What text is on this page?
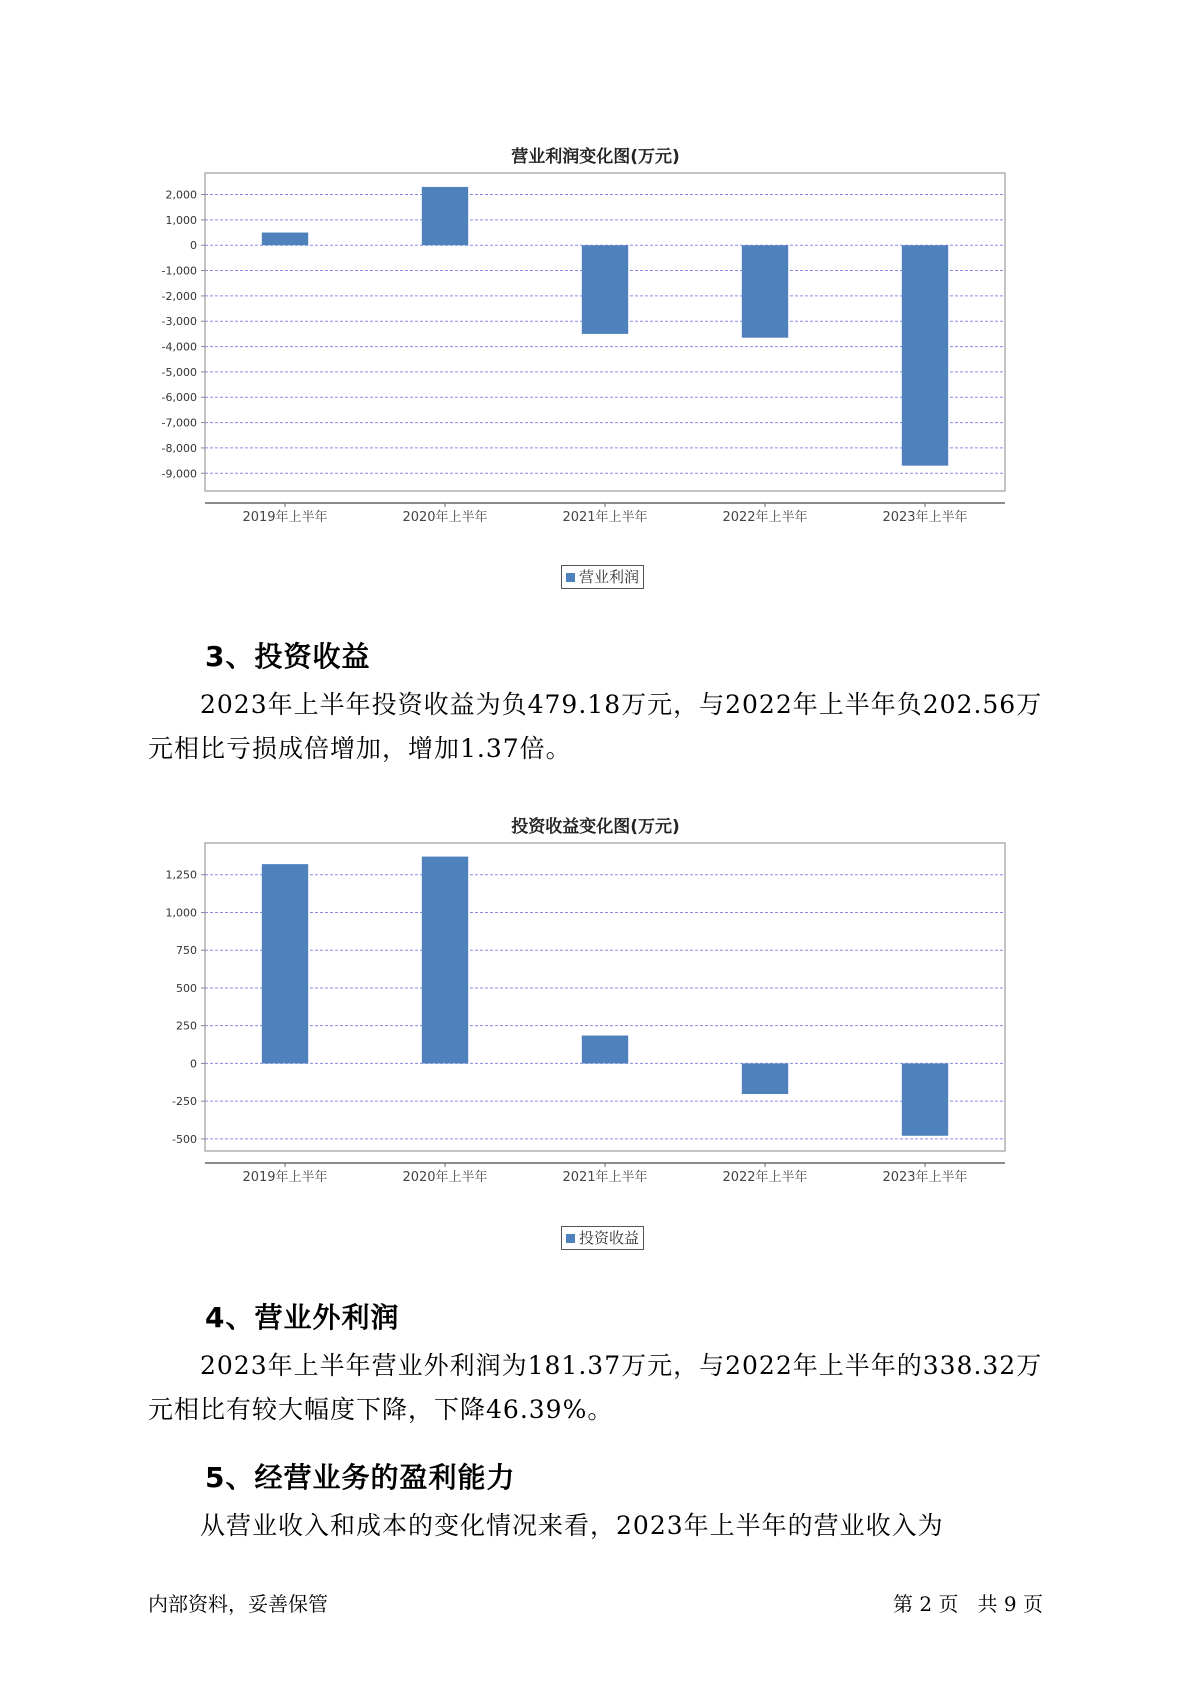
营业利润变化图(万元)
2,000
1,000
0
-1,000
-2,000
-3,000
-4,000
-5,000
-6,000
-7,000
-8,000
-9,000
2019年上半年	2020年上半年	2021年上半年	2022年上半年	2023年上半年
营业利润
3、投资收益
2023年上半年投资收益为负479.18万元，与2022年上半年负202.56万
元相比亏损成倍增加，增加1.37倍。
投资收益变化图(万元)
1,250
1,000
750
500
250
0
-250
-500
2019年上半年	2020年上半年	2021年上半年	2022年上半年	2023年上半年
投资收益
4、营业外利润
2023年上半年营业外利润为181.37万元，与2022年上半年的338.32万
元相比有较大幅度下降，下降46.39%。
5、经营业务的盈利能力
从营业收入和成本的变化情况来看，2023年上半年的营业收入为
内部资料，妥善保管	第 2 页   共 9 页
